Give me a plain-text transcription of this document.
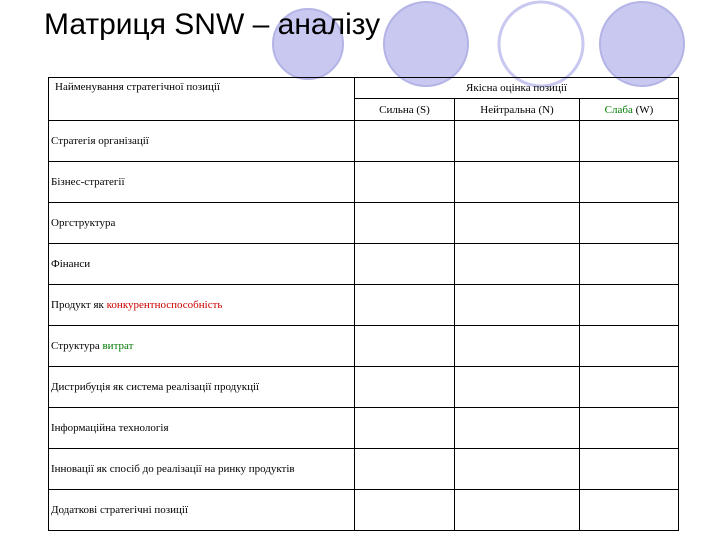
Матриця SNW – аналізу
Найменування стратегічної позиції	Якісна оцінка позиції		
	Сильна (S)	Нейтральна (N)	Слаба (W)
Стратегія організації			
Бізнес-стратегії			
Оргструктура			
Фінанси			
Продукт як конкурентноспособність			
Структура витрат			
Дистрибуція як система реалізації продукції			
Інформаційна технологія			
Інновації як спосіб до реалізації на ринку продуктів			
Додаткові стратегічні позиції			
